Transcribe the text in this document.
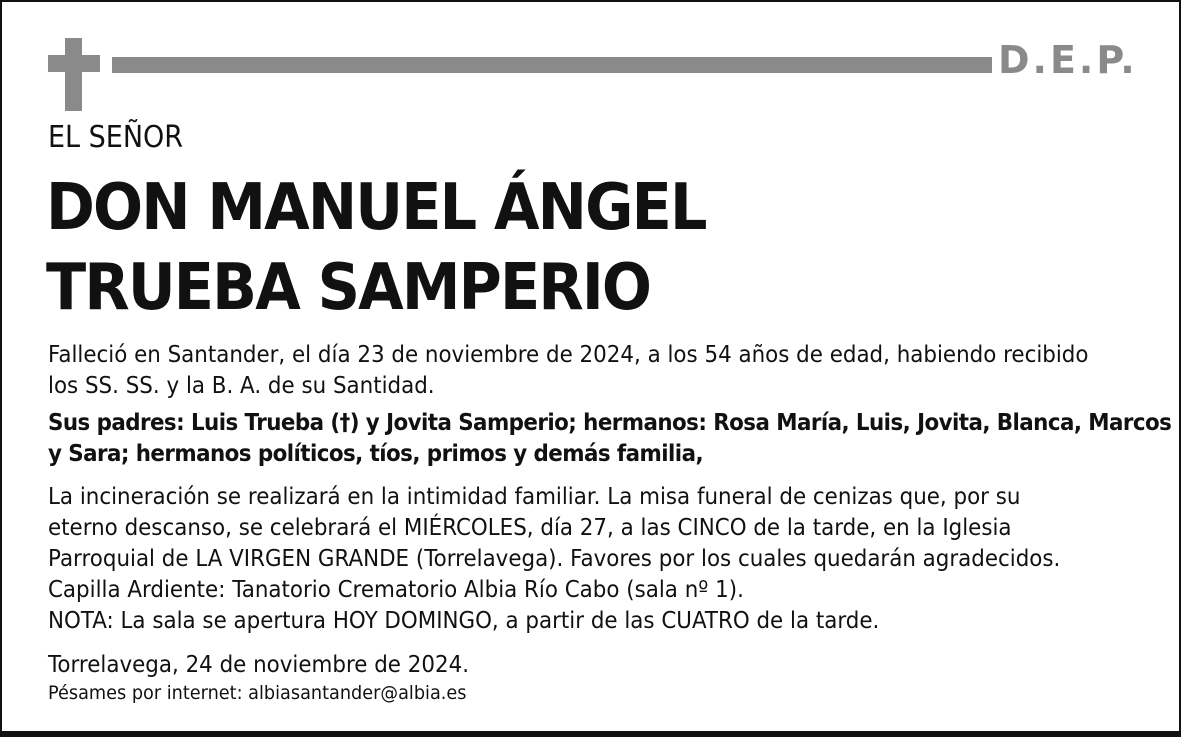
D.E.P.
EL SEÑOR
DON MANUEL ÁNGEL
TRUEBA SAMPERIO
Falleció en Santander, el día 23 de noviembre de 2024, a los 54 años de edad, habiendo recibido
los SS. SS. y la B. A. de su Santidad.
Sus padres: Luis Trueba (†) y Jovita Samperio; hermanos: Rosa María, Luis, Jovita, Blanca, Marcos
y Sara; hermanos políticos, tíos, primos y demás familia,
La incineración se realizará en la intimidad familiar. La misa funeral de cenizas que, por su
eterno descanso, se celebrará el MIÉRCOLES, día 27, a las CINCO de la tarde, en la Iglesia
Parroquial de LA VIRGEN GRANDE (Torrelavega). Favores por los cuales quedarán agradecidos.
Capilla Ardiente: Tanatorio Crematorio Albia Río Cabo (sala nº 1).
NOTA: La sala se apertura HOY DOMINGO, a partir de las CUATRO de la tarde.
Torrelavega, 24 de noviembre de 2024.
Pésames por internet: albiasantander@albia.es
